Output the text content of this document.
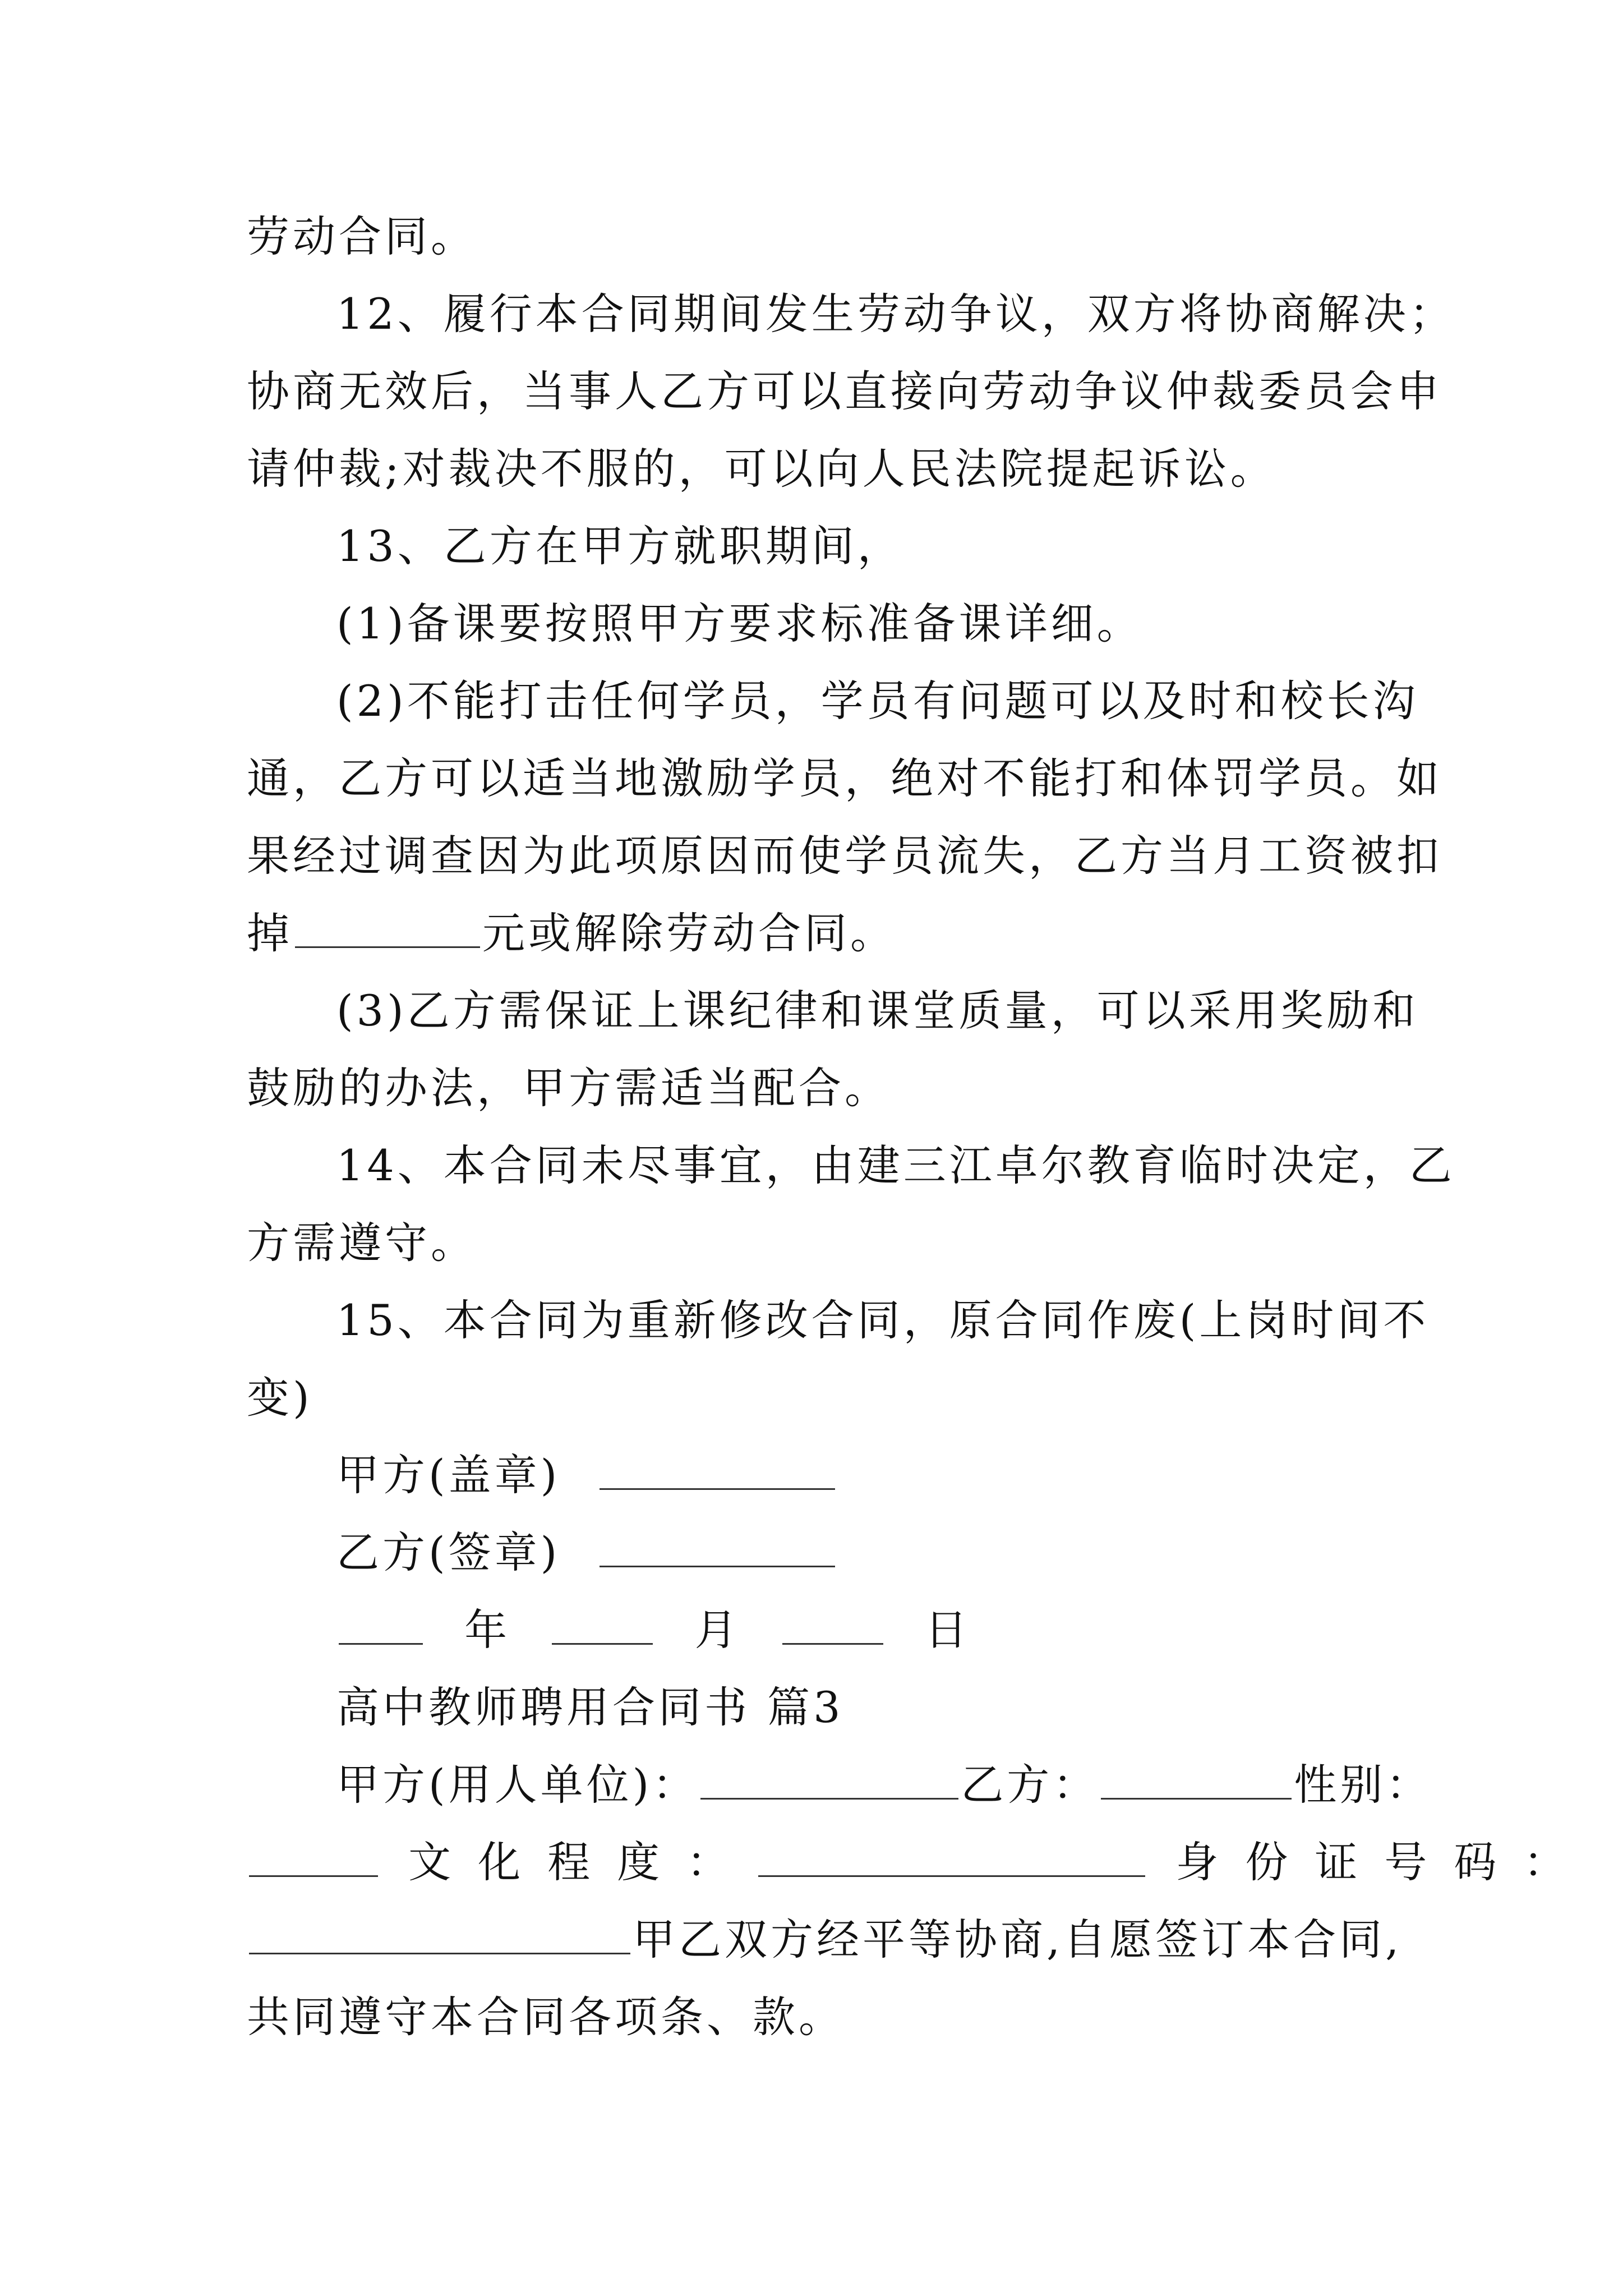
劳动合同。
12、履行本合同期间发生劳动争议，双方将协商解决；
协商无效后，当事人乙方可以直接向劳动争议仲裁委员会申
请仲裁;对裁决不服的，可以向人民法院提起诉讼。
13、乙方在甲方就职期间，
(1)备课要按照甲方要求标准备课详细。
(2)不能打击任何学员，学员有问题可以及时和校长沟
通，乙方可以适当地激励学员，绝对不能打和体罚学员。如
果经过调查因为此项原因而使学员流失，乙方当月工资被扣
掉	元或解除劳动合同。
(3)乙方需保证上课纪律和课堂质量，可以采用奖励和
鼓励的办法，甲方需适当配合。
14、本合同未尽事宜，由建三江卓尔教育临时决定，乙
方需遵守。
15、本合同为重新修改合同，原合同作废(上岗时间不
变)
甲方(盖章)
乙方(签章)
年	月	日
高中教师聘用合同书 篇3
甲方(用人单位)：	乙方：	性别：
文化程度：	身份证号码：
甲乙双方经平等协商,自愿签订本合同,
共同遵守本合同各项条、款。
